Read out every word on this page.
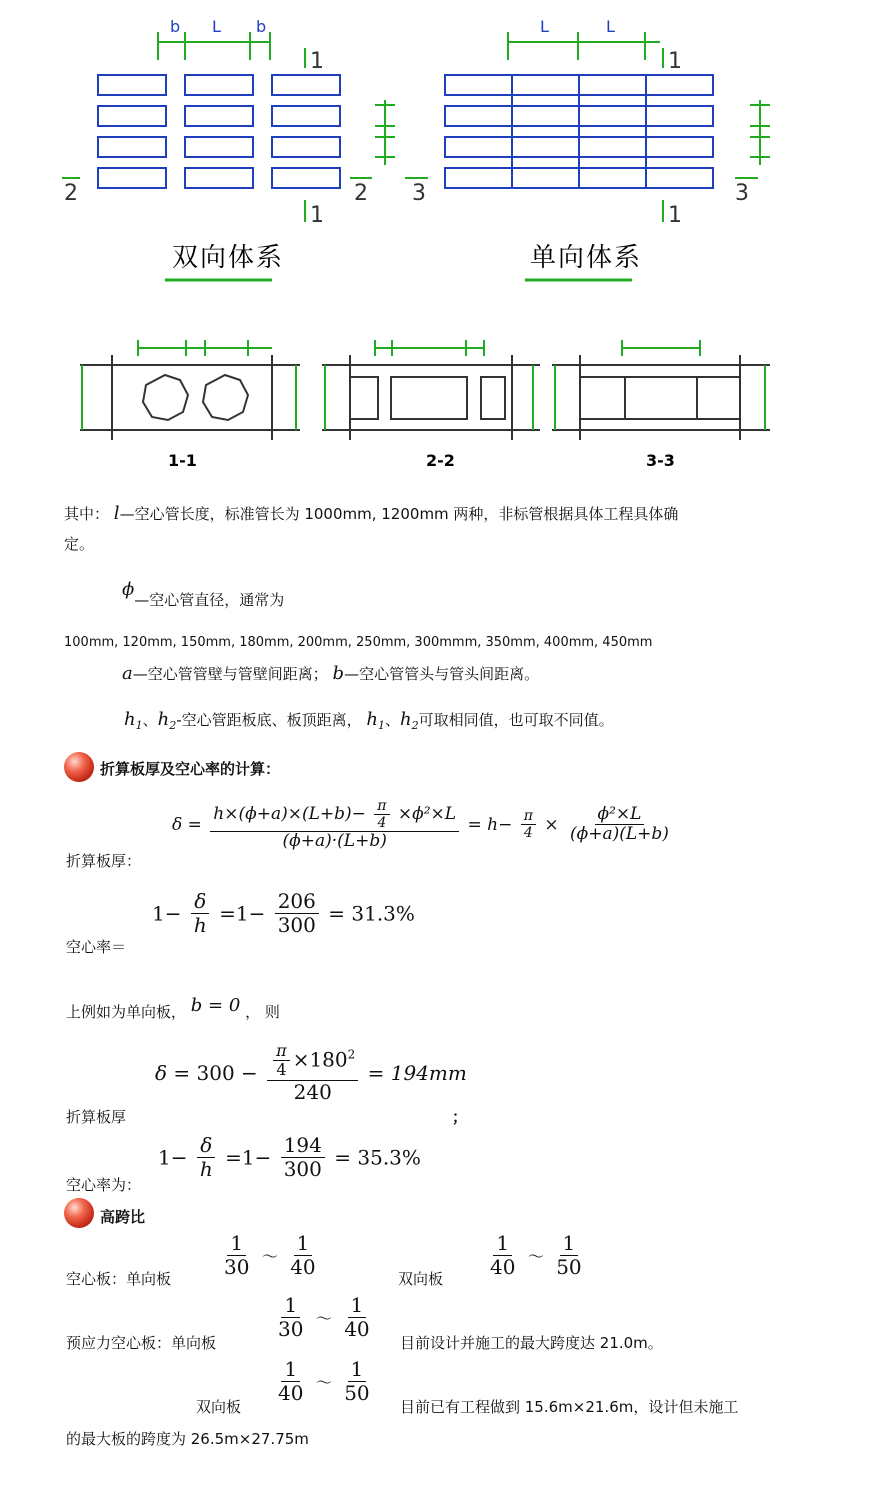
b L b	L	L
1
1
2	2
1
1
3	3
双向体系	单向体系
1-1	2-2	3-3
其中： l—空心管长度，标准管长为 1000mm, 1200mm 两种，非标管根据具体工程具体确
定。
ϕ—空心管直径，通常为
100mm, 120mm, 150mm, 180mm, 200mm, 250mm, 300mmm, 350mm, 400mm, 450mm
a—空心管管壁与管壁间距离； b—空心管管头与管头间距离。
$h_1$、$h_2-$空心管距板底、板顶距离， $h_1$、$h_2$可取相同值，也可取不同值。
折算板厚及空心率的计算：
折算板厚：
$\delta = \frac{h\times(\phi+a)\times(L+b)- \frac{\pi}{4} \times\phi^2\times L}{(\phi+a)\cdot(L+b)} = h- \frac{\pi}{4} \times \frac{\text{ϕ²×L}}{(\phi+a)(L+b)}$
空心率＝
$1- \frac{\delta}{h} =1- \frac{206}{300} = 31.3\%$
上例如为单向板， b = 0 ， 则
折算板厚
$\delta = 300 - \frac{\frac{\pi}{4} \times 180^2}{240} = 194mm$
；
空心率为：
$1- \frac{\delta}{h} =1- \frac{194}{300} = 35.3\%$
高跨比
空心板：单向板 $\frac{1}{30}$ ～ $\frac{1}{40}$	双向板 $\frac{1}{40}$ ～ $\frac{1}{50}$
预应力空心板：单向板
$\frac{1}{30}$ ～ $\frac{1}{40}$
目前设计并施工的最大跨度达 21.0m。
双向板
$\frac{1}{40}$ ～ $\frac{1}{50}$
目前已有工程做到 15.6m×21.6m，设计但未施工
的最大板的跨度为 26.5m×27.75m
